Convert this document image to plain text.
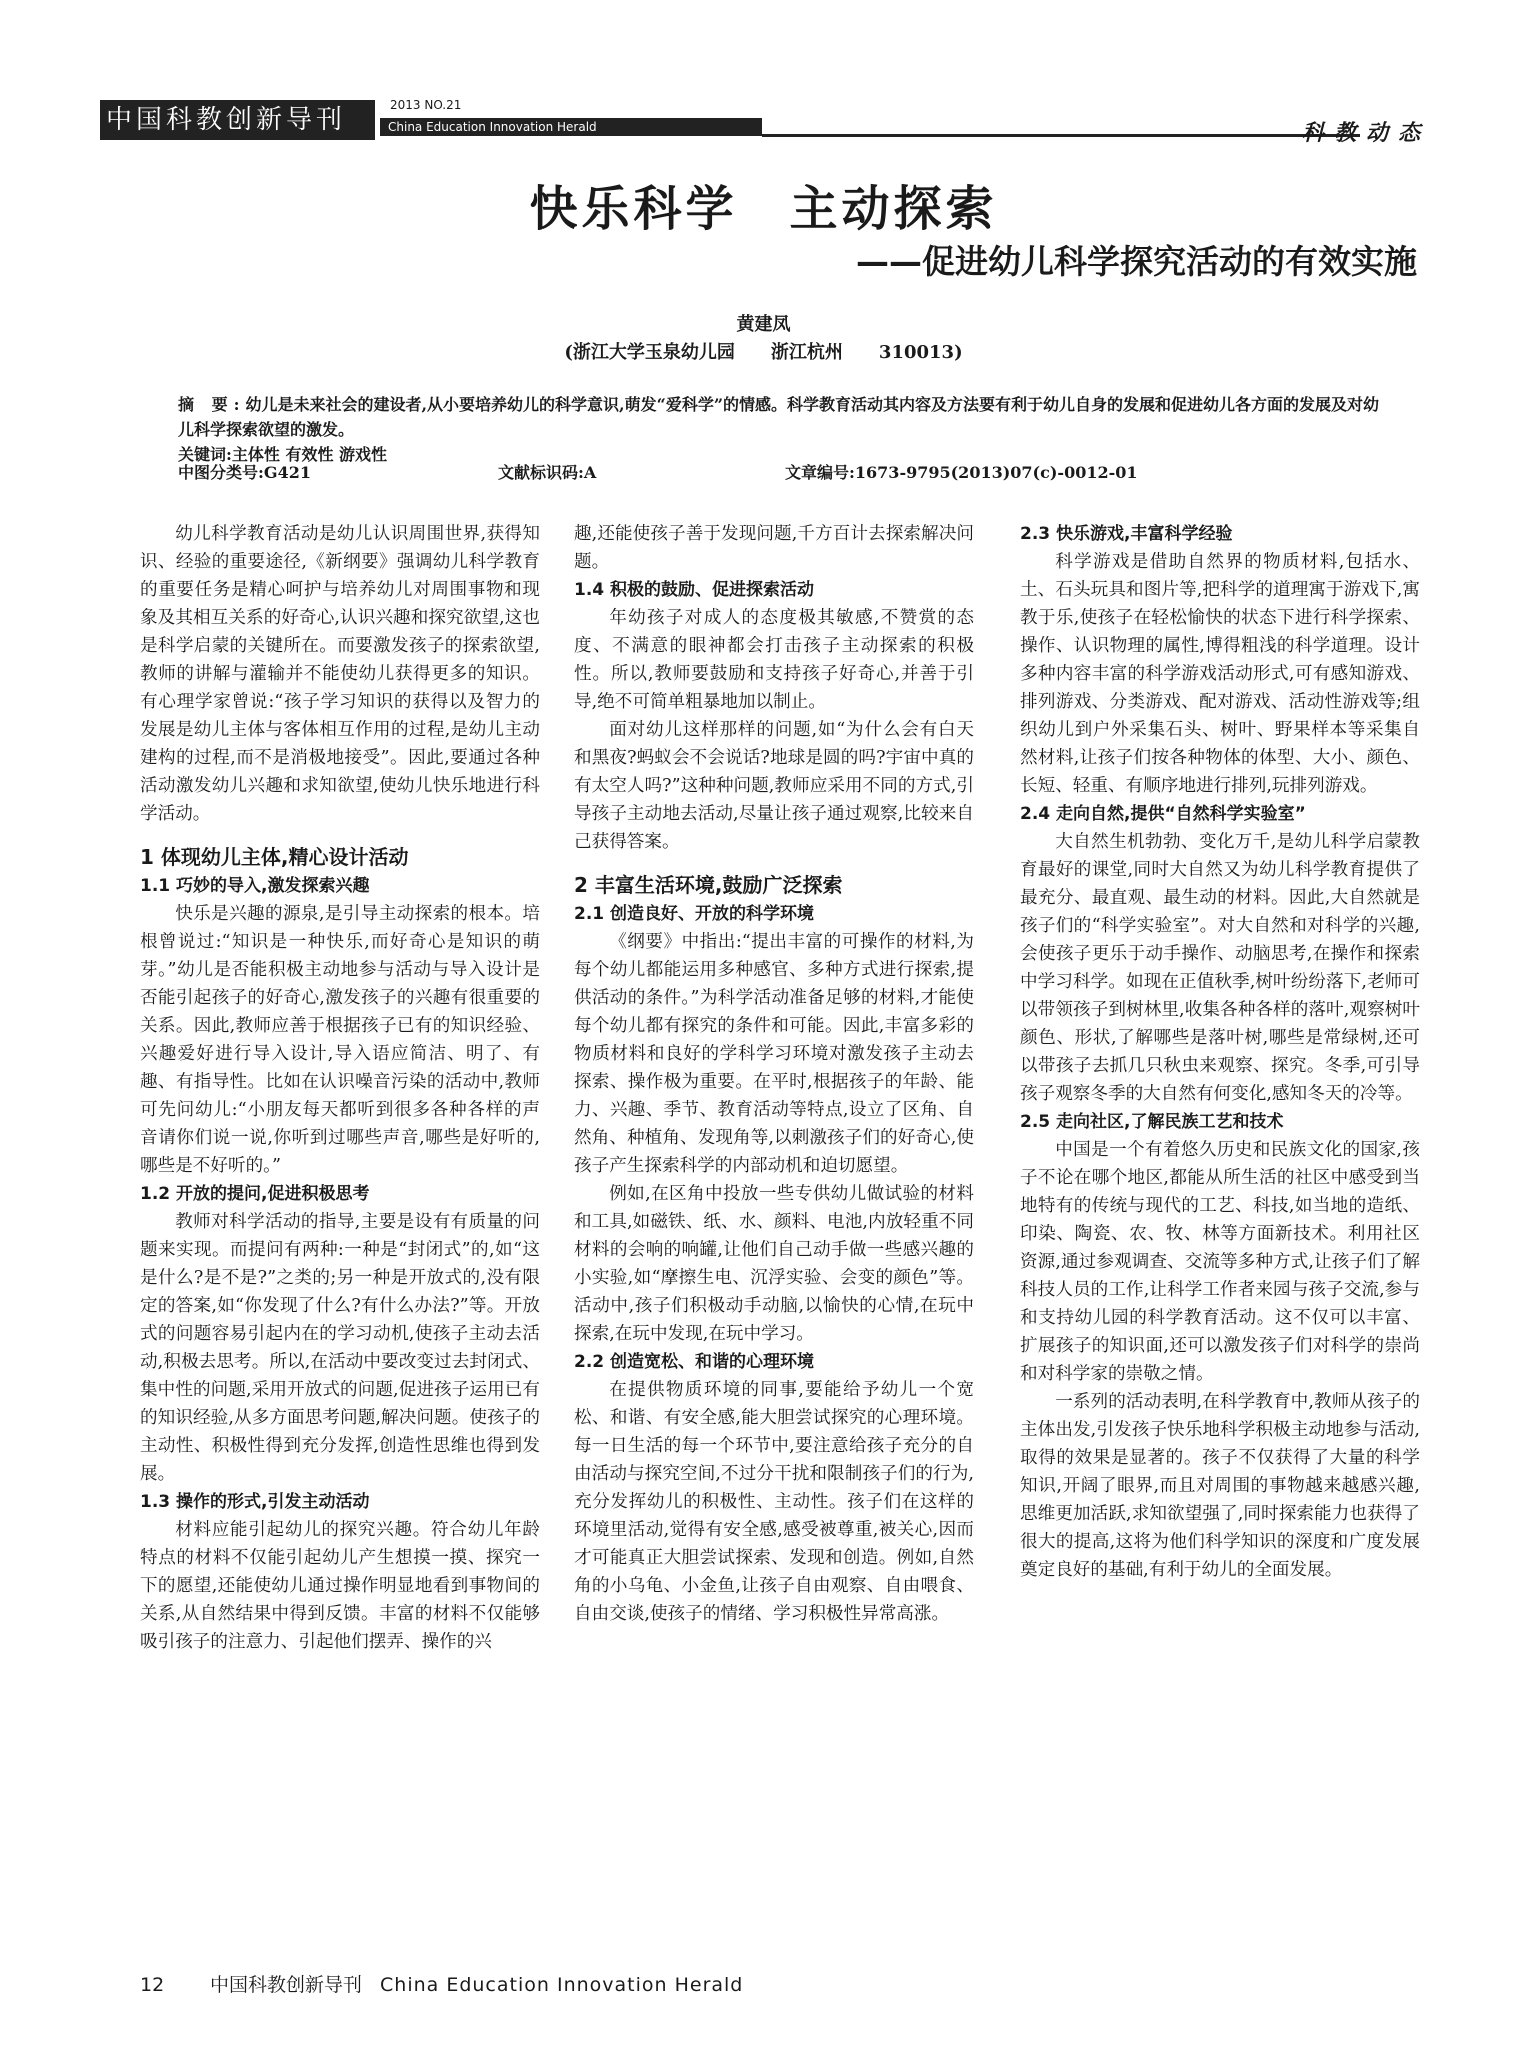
中国科教创新导刊	2013 NO.21
China Education Innovation Herald	科教动态
快乐科学 主动探索
——促进幼儿科学探究活动的有效实施
黄建凤
(浙江大学玉泉幼儿园 浙江杭州 310013)
摘 要:幼儿是未来社会的建设者,从小要培养幼儿的科学意识,萌发“爱科学”的情感。科学教育活动其内容及方法要有利于幼儿自身的发展和促进幼儿各方面的发展及对幼儿科学探索欲望的激发。
关键词:主体性 有效性 游戏性
中图分类号:G421	文献标识码:A	文章编号:1673-9795(2013)07(c)-0012-01

幼儿科学教育活动是幼儿认识周围世界,获得知识、经验的重要途径,《新纲要》强调幼儿科学教育的重要任务是精心呵护与培养幼儿对周围事物和现象及其相互关系的好奇心,认识兴趣和探究欲望,这也是科学启蒙的关键所在。而要激发孩子的探索欲望,教师的讲解与灌输并不能使幼儿获得更多的知识。有心理学家曾说:“孩子学习知识的获得以及智力的发展是幼儿主体与客体相互作用的过程,是幼儿主动建构的过程,而不是消极地接受”。因此,要通过各种活动激发幼儿兴趣和求知欲望,使幼儿快乐地进行科学活动。

1 体现幼儿主体,精心设计活动
1.1 巧妙的导入,激发探索兴趣

快乐是兴趣的源泉,是引导主动探索的根本。培根曾说过:“知识是一种快乐,而好奇心是知识的萌芽。”幼儿是否能积极主动地参与活动与导入设计是否能引起孩子的好奇心,激发孩子的兴趣有很重要的关系。因此,教师应善于根据孩子已有的知识经验、兴趣爱好进行导入设计,导入语应简洁、明了、有趣、有指导性。比如在认识噪音污染的活动中,教师可先问幼儿:“小朋友每天都听到很多各种各样的声音请你们说一说,你听到过哪些声音,哪些是好听的,哪些是不好听的。”

1.2 开放的提问,促进积极思考

教师对科学活动的指导,主要是设有有质量的问题来实现。而提问有两种:一种是“封闭式”的,如“这是什么?是不是?”之类的;另一种是开放式的,没有限定的答案,如“你发现了什么?有什么办法?”等。开放式的问题容易引起内在的学习动机,使孩子主动去活动,积极去思考。所以,在活动中要改变过去封闭式、集中性的问题,采用开放式的问题,促进孩子运用已有的知识经验,从多方面思考问题,解决问题。使孩子的主动性、积极性得到充分发挥,创造性思维也得到发展。

1.3 操作的形式,引发主动活动

材料应能引起幼儿的探究兴趣。符合幼儿年龄特点的材料不仅能引起幼儿产生想摸一摸、探究一下的愿望,还能使幼儿通过操作明显地看到事物间的关系,从自然结果中得到反馈。丰富的材料不仅能够吸引孩子的注意力、引起他们摆弄、操作的兴

趣,还能使孩子善于发现问题,千方百计去探索解决问题。

1.4 积极的鼓励、促进探索活动

年幼孩子对成人的态度极其敏感,不赞赏的态度、不满意的眼神都会打击孩子主动探索的积极性。所以,教师要鼓励和支持孩子好奇心,并善于引导,绝不可简单粗暴地加以制止。

面对幼儿这样那样的问题,如“为什么会有白天和黑夜?蚂蚁会不会说话?地球是圆的吗?宇宙中真的有太空人吗?”这种种问题,教师应采用不同的方式,引导孩子主动地去活动,尽量让孩子通过观察,比较来自己获得答案。

2 丰富生活环境,鼓励广泛探索
2.1 创造良好、开放的科学环境

《纲要》中指出:“提出丰富的可操作的材料,为每个幼儿都能运用多种感官、多种方式进行探索,提供活动的条件。”为科学活动准备足够的材料,才能使每个幼儿都有探究的条件和可能。因此,丰富多彩的物质材料和良好的学科学习环境对激发孩子主动去探索、操作极为重要。在平时,根据孩子的年龄、能力、兴趣、季节、教育活动等特点,设立了区角、自然角、种植角、发现角等,以刺激孩子们的好奇心,使孩子产生探索科学的内部动机和迫切愿望。

例如,在区角中投放一些专供幼儿做试验的材料和工具,如磁铁、纸、水、颜料、电池,内放轻重不同材料的会响的响罐,让他们自己动手做一些感兴趣的小实验,如“摩擦生电、沉浮实验、会变的颜色”等。活动中,孩子们积极动手动脑,以愉快的心情,在玩中探索,在玩中发现,在玩中学习。

2.2 创造宽松、和谐的心理环境

在提供物质环境的同事,要能给予幼儿一个宽松、和谐、有安全感,能大胆尝试探究的心理环境。每一日生活的每一个环节中,要注意给孩子充分的自由活动与探究空间,不过分干扰和限制孩子们的行为,充分发挥幼儿的积极性、主动性。孩子们在这样的环境里活动,觉得有安全感,感受被尊重,被关心,因而才可能真正大胆尝试探索、发现和创造。例如,自然角的小乌龟、小金鱼,让孩子自由观察、自由喂食、自由交谈,使孩子的情绪、学习积极性异常高涨。

2.3 快乐游戏,丰富科学经验

科学游戏是借助自然界的物质材料,包括水、土、石头玩具和图片等,把科学的道理寓于游戏下,寓教于乐,使孩子在轻松愉快的状态下进行科学探索、操作、认识物理的属性,博得粗浅的科学道理。设计多种内容丰富的科学游戏活动形式,可有感知游戏、排列游戏、分类游戏、配对游戏、活动性游戏等;组织幼儿到户外采集石头、树叶、野果样本等采集自然材料,让孩子们按各种物体的体型、大小、颜色、长短、轻重、有顺序地进行排列,玩排列游戏。

2.4 走向自然,提供“自然科学实验室”

大自然生机勃勃、变化万千,是幼儿科学启蒙教育最好的课堂,同时大自然又为幼儿科学教育提供了最充分、最直观、最生动的材料。因此,大自然就是孩子们的“科学实验室”。对大自然和对科学的兴趣,会使孩子更乐于动手操作、动脑思考,在操作和探索中学习科学。如现在正值秋季,树叶纷纷落下,老师可以带领孩子到树林里,收集各种各样的落叶,观察树叶颜色、形状,了解哪些是落叶树,哪些是常绿树,还可以带孩子去抓几只秋虫来观察、探究。冬季,可引导孩子观察冬季的大自然有何变化,感知冬天的冷等。

2.5 走向社区,了解民族工艺和技术

中国是一个有着悠久历史和民族文化的国家,孩子不论在哪个地区,都能从所生活的社区中感受到当地特有的传统与现代的工艺、科技,如当地的造纸、印染、陶瓷、农、牧、林等方面新技术。利用社区资源,通过参观调查、交流等多种方式,让孩子们了解科技人员的工作,让科学工作者来园与孩子交流,参与和支持幼儿园的科学教育活动。这不仅可以丰富、扩展孩子的知识面,还可以激发孩子们对科学的崇尚和对科学家的崇敬之情。

一系列的活动表明,在科学教育中,教师从孩子的主体出发,引发孩子快乐地科学积极主动地参与活动,取得的效果是显著的。孩子不仅获得了大量的科学知识,开阔了眼界,而且对周围的事物越来越感兴趣,思维更加活跃,求知欲望强了,同时探索能力也获得了很大的提高,这将为他们科学知识的深度和广度发展奠定良好的基础,有利于幼儿的全面发展。

12 中国科教创新导刊 China Education Innovation Herald
